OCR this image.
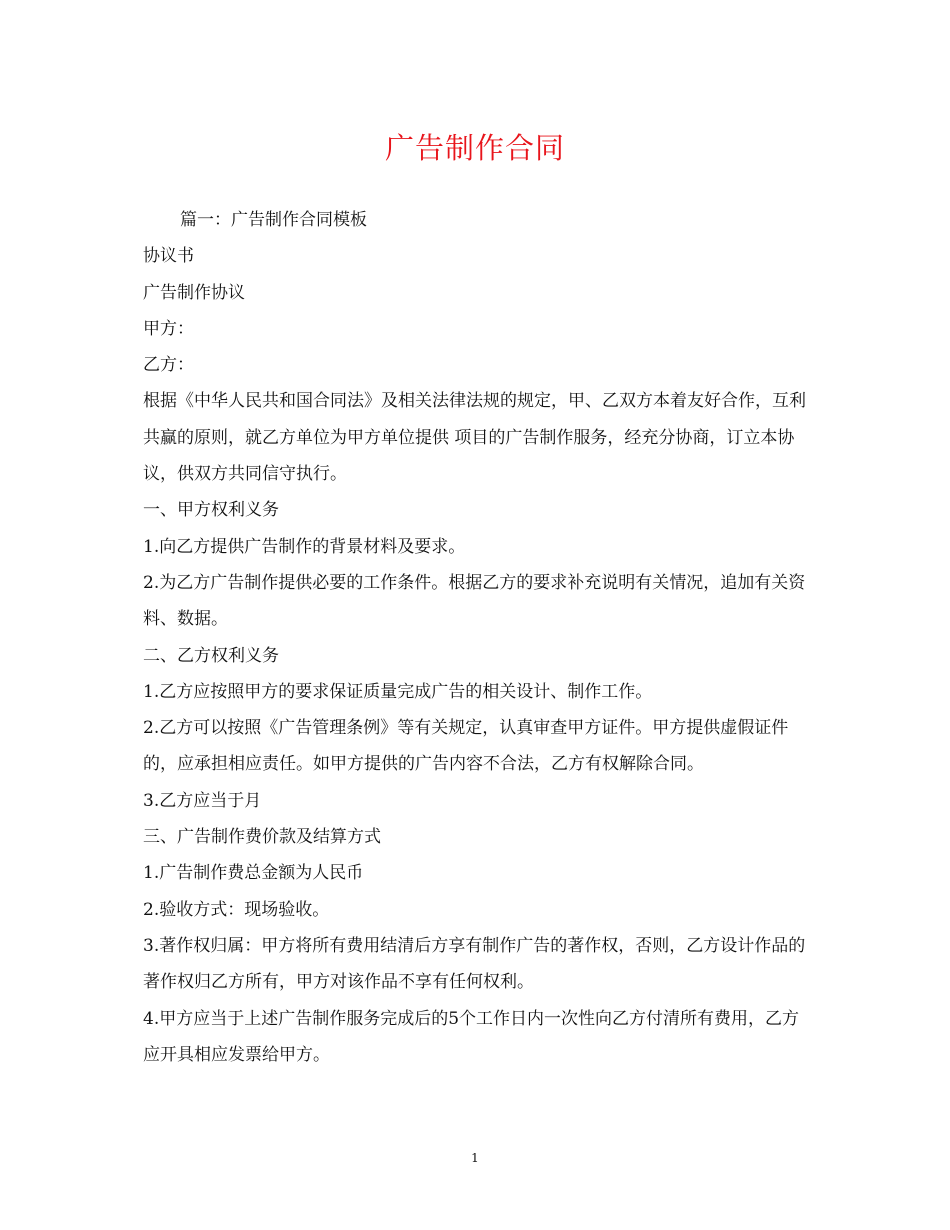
广告制作合同

篇一：广告制作合同模板

协议书

广告制作协议

甲方：

乙方：

根据《中华人民共和国合同法》及相关法律法规的规定，甲、乙双方本着友好合作，互利共赢的原则，就乙方单位为甲方单位提供 项目的广告制作服务，经充分协商，订立本协议，供双方共同信守执行。

一、甲方权利义务

1.向乙方提供广告制作的背景材料及要求。

2.为乙方广告制作提供必要的工作条件。根据乙方的要求补充说明有关情况，追加有关资料、数据。

二、乙方权利义务

1.乙方应按照甲方的要求保证质量完成广告的相关设计、制作工作。

2.乙方可以按照《广告管理条例》等有关规定，认真审查甲方证件。甲方提供虚假证件的，应承担相应责任。如甲方提供的广告内容不合法，乙方有权解除合同。

3.乙方应当于月

三、广告制作费价款及结算方式

1.广告制作费总金额为人民币

2.验收方式：现场验收。

3.著作权归属：甲方将所有费用结清后方享有制作广告的著作权，否则，乙方设计作品的著作权归乙方所有，甲方对该作品不享有任何权利。

4.甲方应当于上述广告制作服务完成后的5个工作日内一次性向乙方付清所有费用，乙方应开具相应发票给甲方。

1
